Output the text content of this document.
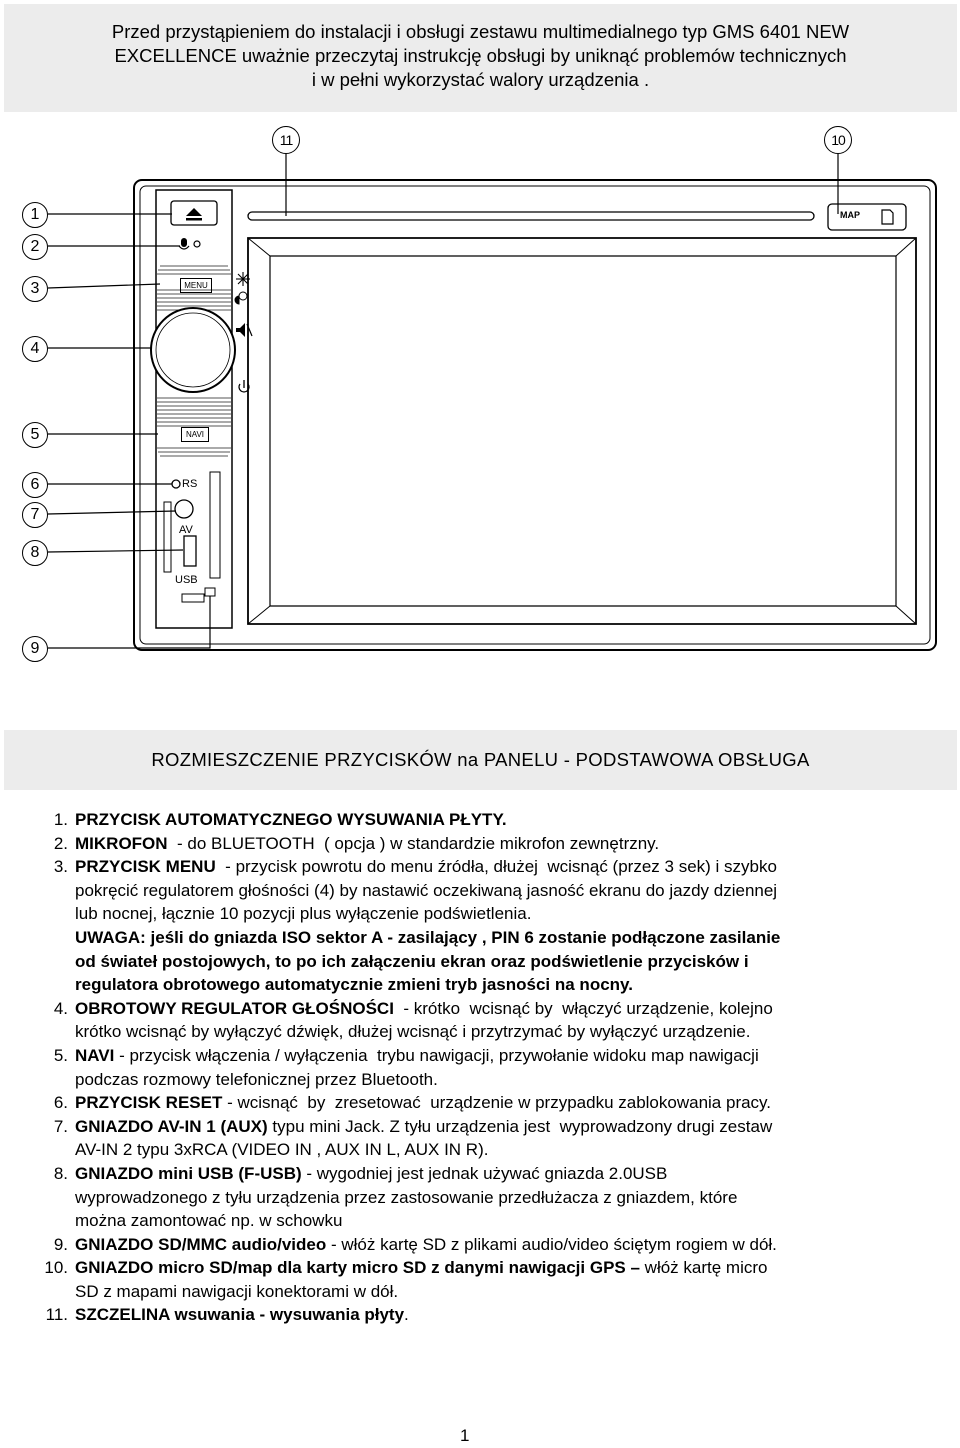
Przed przystąpieniem do instalacji i obsługi zestawu multimedialnego typ GMS 6401 NEW
EXCELLENCE uważnie przeczytaj instrukcję obsługi by uniknąć problemów technicznych
i w pełni wykorzystać walory urządzenia .
1
2
3
4
5
6
7
8
9
10
11
MENU
NAVI
RS
AV
USB
MAP
ROZMIESZCZENIE PRZYCISKÓW na PANELU - PODSTAWOWA OBSŁUGA
1. PRZYCISK AUTOMATYCZNEGO WYSUWANIA PŁYTY.
2. MIKROFON  - do BLUETOOTH  ( opcja ) w standardzie mikrofon zewnętrzny.
3. PRZYCISK MENU  - przycisk powrotu do menu źródła, dłużej  wcisnąć (przez 3 sek) i szybko
pokręcić regulatorem głośności (4) by nastawić oczekiwaną jasność ekranu do jazdy dziennej
lub nocnej, łącznie 10 pozycji plus wyłączenie podświetlenia.
UWAGA: jeśli do gniazda ISO sektor A - zasilający , PIN 6 zostanie podłączone zasilanie
od świateł postojowych, to po ich załączeniu ekran oraz podświetlenie przycisków i
regulatora obrotowego automatycznie zmieni tryb jasności na nocny.
4. OBROTOWY REGULATOR GŁOŚNOŚCI  - krótko  wcisnąć by  włączyć urządzenie, kolejno
krótko wcisnąć by wyłączyć dźwięk, dłużej wcisnąć i przytrzymać by wyłączyć urządzenie.
5. NAVI - przycisk włączenia / wyłączenia  trybu nawigacji, przywołanie widoku map nawigacji
podczas rozmowy telefonicznej przez Bluetooth.
6. PRZYCISK RESET - wcisnąć  by  zresetować  urządzenie w przypadku zablokowania pracy.
7. GNIAZDO AV-IN 1 (AUX) typu mini Jack. Z tyłu urządzenia jest  wyprowadzony drugi zestaw
AV-IN 2 typu 3xRCA (VIDEO IN , AUX IN L, AUX IN R).
8. GNIAZDO mini USB (F-USB) - wygodniej jest jednak używać gniazda 2.0USB
wyprowadzonego z tyłu urządzenia przez zastosowanie przedłużacza z gniazdem, które
można zamontować np. w schowku
9. GNIAZDO SD/MMC audio/video - włóż kartę SD z plikami audio/video ściętym rogiem w dół.
10. GNIAZDO micro SD/map dla karty micro SD z danymi nawigacji GPS – włóż kartę micro
SD z mapami nawigacji konektorami w dół.
11. SZCZELINA wsuwania - wysuwania płyty.
1
